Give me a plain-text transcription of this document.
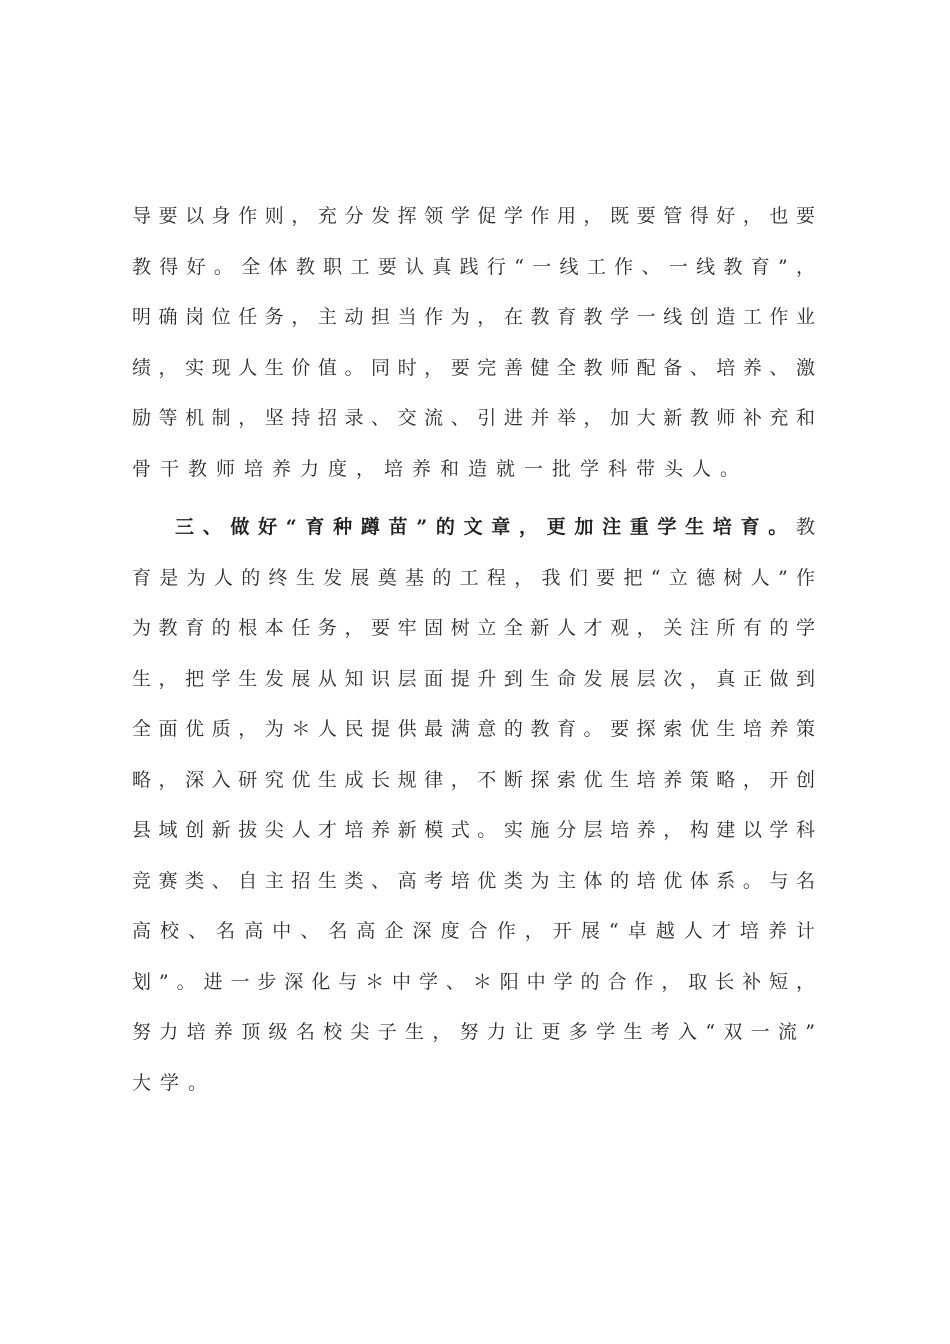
导要以身作则，充分发挥领学促学作用，既要管得好，也要
教得好。全体教职工要认真践行“一线工作、一线教育”，
明确岗位任务，主动担当作为，在教育教学一线创造工作业
绩，实现人生价值。同时，要完善健全教师配备、培养、激
励等机制，坚持招录、交流、引进并举，加大新教师补充和
骨干教师培养力度，培养和造就一批学科带头人。
三、做好“育种蹲苗”的文章，更加注重学生培育。教
育是为人的终生发展奠基的工程，我们要把“立德树人”作
为教育的根本任务，要牢固树立全新人才观，关注所有的学
生，把学生发展从知识层面提升到生命发展层次，真正做到
全面优质，为＊人民提供最满意的教育。要探索优生培养策
略，深入研究优生成长规律，不断探索优生培养策略，开创
县域创新拔尖人才培养新模式。实施分层培养，构建以学科
竞赛类、自主招生类、高考培优类为主体的培优体系。与名
高校、名高中、名高企深度合作，开展“卓越人才培养计
划”。进一步深化与＊中学、＊阳中学的合作，取长补短，
努力培养顶级名校尖子生，努力让更多学生考入“双一流”
大学。
